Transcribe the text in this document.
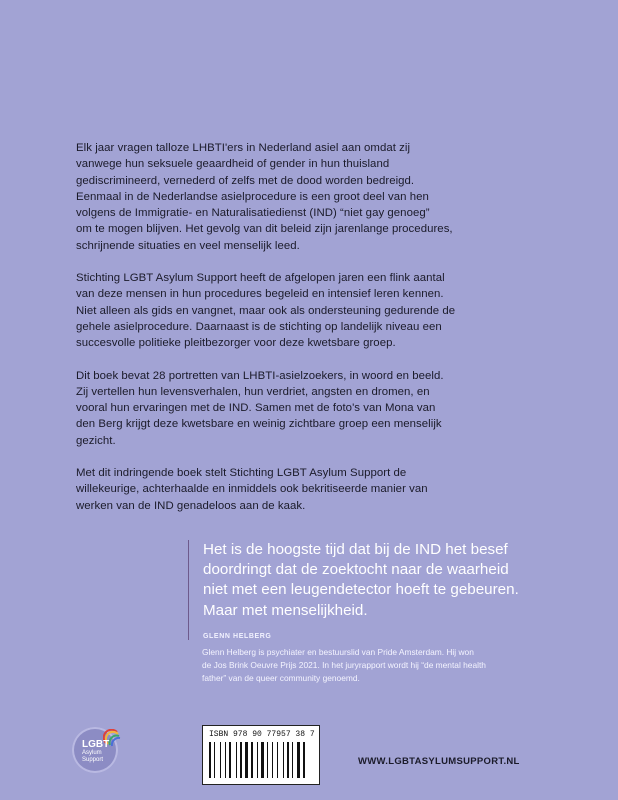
Elk jaar vragen talloze LHBTI'ers in Nederland asiel aan omdat zij
vanwege hun seksuele geaardheid of gender in hun thuisland
gediscrimineerd, vernederd of zelfs met de dood worden bedreigd.
Eenmaal in de Nederlandse asielprocedure is een groot deel van hen
volgens de Immigratie- en Naturalisatiedienst (IND) “niet gay genoeg”
om te mogen blijven. Het gevolg van dit beleid zijn jarenlange procedures,
schrijnende situaties en veel menselijk leed.

Stichting LGBT Asylum Support heeft de afgelopen jaren een flink aantal
van deze mensen in hun procedures begeleid en intensief leren kennen.
Niet alleen als gids en vangnet, maar ook als ondersteuning gedurende de
gehele asielprocedure. Daarnaast is de stichting op landelijk niveau een
succesvolle politieke pleitbezorger voor deze kwetsbare groep.

Dit boek bevat 28 portretten van LHBTI-asielzoekers, in woord en beeld.
Zij vertellen hun levensverhalen, hun verdriet, angsten en dromen, en
vooral hun ervaringen met de IND. Samen met de foto's van Mona van
den Berg krijgt deze kwetsbare en weinig zichtbare groep een menselijk
gezicht.

Met dit indringende boek stelt Stichting LGBT Asylum Support de
willekeurige, achterhaalde en inmiddels ook bekritiseerde manier van
werken van de IND genadeloos aan de kaak.

Het is de hoogste tijd dat bij de IND het besef
doordringt dat de zoektocht naar de waarheid
niet met een leugendetector hoeft te gebeuren.
Maar met menselijkheid.

GLENN HELBERG

Glenn Helberg is psychiater en bestuurslid van Pride Amsterdam. Hij won
de Jos Brink Oeuvre Prijs 2021. In het juryrapport wordt hij “de mental health
father” van de queer community genoemd.

LGBT
Asylum
Support
ISBN 978 90 77957 38 7
WWW.LGBTASYLUMSUPPORT.NL
